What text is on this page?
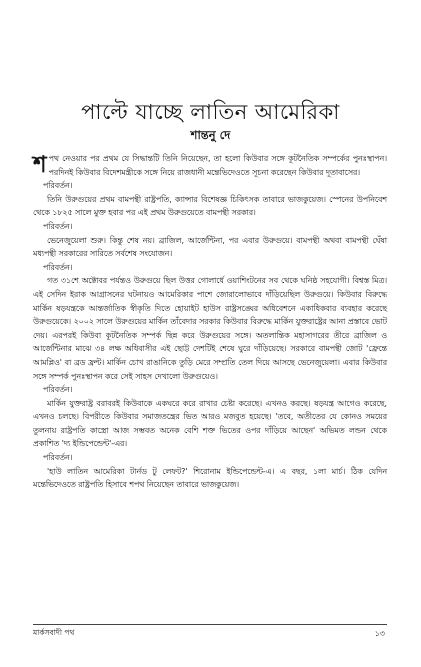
পাল্টে যাচ্ছে লাতিন আমেরিকা
শান্তনু দে

শপথ নেওয়ার পর প্রথম যে সিদ্ধান্তটি তিনি নিয়েছেন, তা হলো কিউবার সঙ্গে কূটনৈতিক সম্পর্কের পুনঃস্থাপন। পরদিনই কিউবার বিদেশমন্ত্রীকে সঙ্গে নিয়ে রাজধানী মন্তেভিদেওতে সূচনা করেছেন কিউবার দূতাবাসের।

পরিবর্তন।

তিনি উরুগুয়ের প্রথম বামপন্থী রাষ্ট্রপতি, ক্যান্সার বিশেষজ্ঞ চিকিৎসক তাবারে ভাজকুয়েজ। স্পেনের উপনিবেশ থেকে ১৮২৫ সালে মুক্ত হবার পর এই প্রথম উরুগুয়েতে বামপন্থী সরকার।

পরিবর্তন।

ভেনেজুয়েলা শুরু। কিন্তু শেষ নয়। ব্রাজিল, আর্জেন্টিনা, পর এবার উরুগুয়ে। বামপন্থী অথবা বামপন্থী ঘেঁষা মধ্যপন্থী সরকারের সারিতে সর্বশেষ সংযোজন।

পরিবর্তন।

গত ৩১শে অক্টোবর পর্যন্তও উরুগুয়ে ছিল উত্তর গোলার্ধে ওয়াশিংটনের সব থেকে ঘনিষ্ঠ সহযোগী। বিশ্বস্ত মিত্র। এই সেদিন ইরাক আগ্রাসনের ঘটনায়ও আমেরিকার পাশে জোরালোভাবে দাঁড়িয়েছিল উরুগুয়ে। কিউবার বিরুদ্ধে মার্কিন ষড়যন্ত্রকে আন্তর্জাতিক স্বীকৃতি দিতে হোয়াইট হাউস রাষ্ট্রসঙ্ঘের অধিবেশনে একাধিকবার ব্যবহার করেছে উরুগুয়েকে। ২০০২ সালে উরুগুয়ের মার্কিন তাঁবেদার সরকার কিউবার বিরুদ্ধে মার্কিন যুক্তরাষ্ট্রের আনা প্রস্তাবে ভোট দেয়। এরপরই কিউবা কূটনৈতিক সম্পর্ক ছিন্ন করে উরুগুয়ের সঙ্গে। অতলান্তিক মহাসাগরের তীরে ব্রাজিল ও আর্জেন্টিনার মাঝে ৩৪ লক্ষ অধিবাসীর এই ছোট্ট দেশটিই শেষে ঘুরে দাঁড়িয়েছে। সরকারে বামপন্থী জোট 'ফ্রেন্তে আমপ্লিও' বা ব্রড ফ্রন্ট। মার্কিন চোখ রাঙানিকে তুড়ি মেরে সম্প্রতি তেল দিয়ে আসছে ভেনেজুয়েলা। এবার কিউবার সঙ্গে সম্পর্ক পুনঃস্থাপন করে সেই সাহস দেখালো উরুগুয়েও।

পরিবর্তন।

মার্কিন যুক্তরাষ্ট্র বরাবরই কিউবাকে একঘরে করে রাখার চেষ্টা করেছে। এখনও করছে। ষড়যন্ত্র আগেও করেছে, এখনও চলছে। বিপরীতে কিউবার সমাজতন্ত্রের ভিত আরও মজবুত হয়েছে। 'তবে, অতীতের যে কোনও সময়ের তুলনায় রাষ্ট্রপতি কাস্ত্রো আজ সম্ভবত অনেক বেশি শক্ত ভিতের ওপর দাঁড়িয়ে আছেন' অভিমত লন্ডন থেকে প্রকাশিত 'দ্য ইন্ডিপেন্ডেন্ট'-এর।

পরিবর্তন।

'হাউ লাতিন আমেরিকা টার্নড টু লেফট?' শিরোনাম ইন্ডিপেন্ডেন্ট-এ। এ বছর, ১লা মার্চ। ঠিক যেদিন মন্তেভিদেওতে রাষ্ট্রপতি হিসাবে শপথ নিয়েছেন তাবারে ভাজকুয়েজ।

মার্কসবাদী পথ	১৩
